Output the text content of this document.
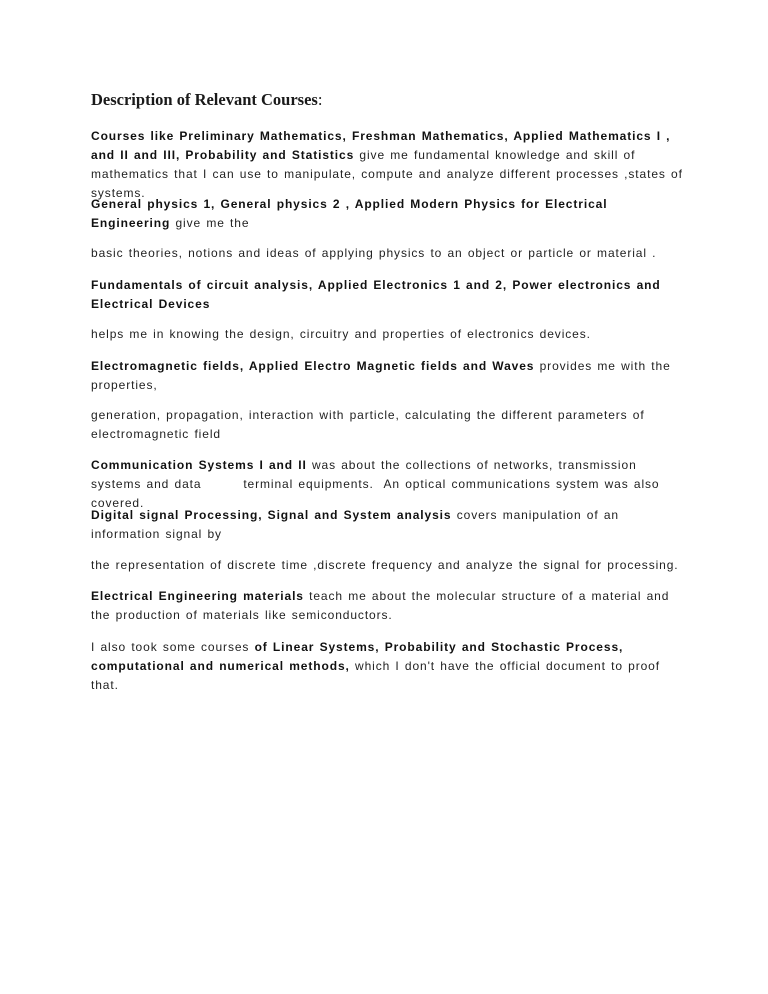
Description of Relevant Courses:

Courses like Preliminary Mathematics, Freshman Mathematics, Applied Mathematics I , and II and III, Probability and Statistics give me fundamental knowledge and skill of mathematics that I can use to manipulate, compute and analyze different processes ,states of systems.

General physics 1, General physics 2 , Applied Modern Physics for Electrical Engineering give me the

basic theories, notions and ideas of applying physics to an object or particle or material .

Fundamentals of circuit analysis, Applied Electronics 1 and 2, Power electronics and Electrical Devices

helps me in knowing the design, circuitry and properties of electronics devices.

Electromagnetic fields, Applied Electro Magnetic fields and Waves provides me with the properties,

generation, propagation, interaction with particle, calculating the different parameters of electromagnetic field

Communication Systems I and II was about the collections of networks, transmission systems and data        terminal equipments.  An optical communications system was also covered.

Digital signal Processing, Signal and System analysis covers manipulation of an information signal by

the representation of discrete time ,discrete frequency and analyze the signal for processing.

Electrical Engineering materials teach me about the molecular structure of a material and the production of materials like semiconductors.

I also took some courses of Linear Systems, Probability and Stochastic Process, computational and numerical methods, which I don't have the official document to proof that.
